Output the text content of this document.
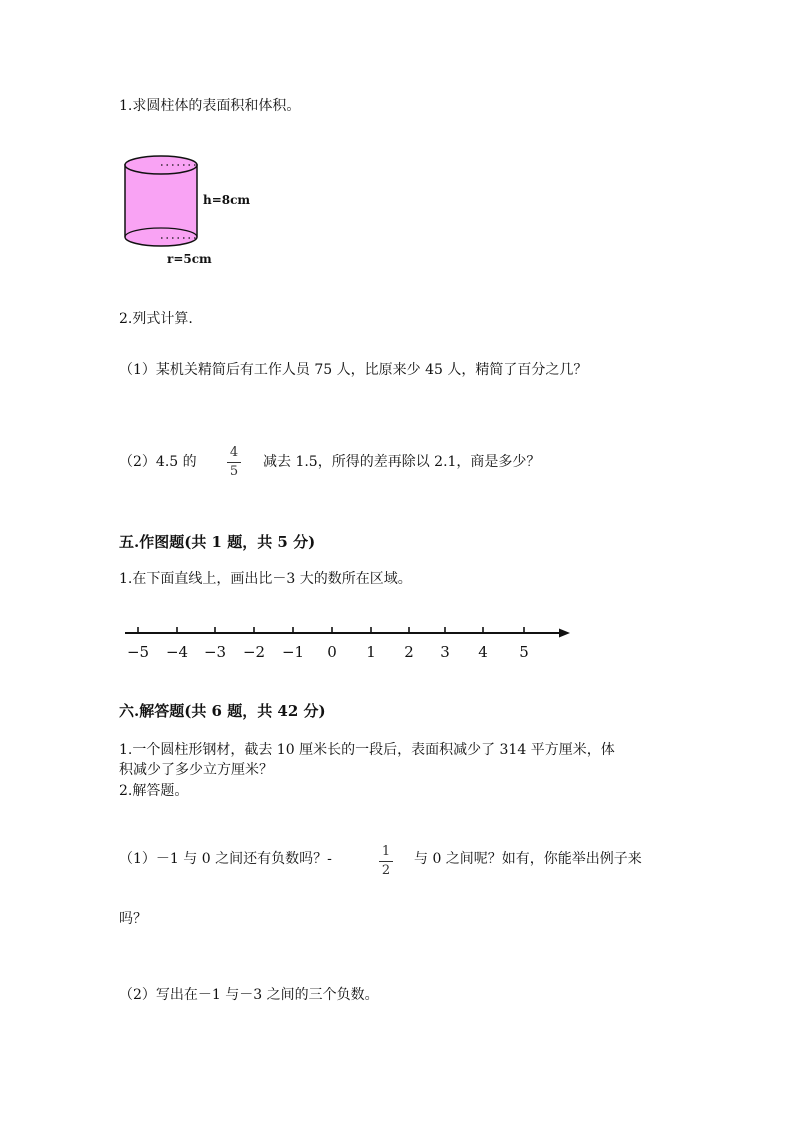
1.求圆柱体的表面积和体积。
h=8cm
r=5cm
2.列式计算.
（1）某机关精简后有工作人员 75 人，比原来少 45 人，精简了百分之几？
（2）4.5 的
4
5
减去 1.5，所得的差再除以 2.1，商是多少？
五.作图题(共 1 题，共 5 分)
1.在下面直线上，画出比－3 大的数所在区域。
−5 −4 −3 −2 −1 0 1 2 3 4 5
六.解答题(共 6 题，共 42 分)
1.一个圆柱形钢材，截去 10 厘米长的一段后，表面积减少了 314 平方厘米，体
积减少了多少立方厘米？
2.解答题。
（1）－1 与 0 之间还有负数吗？-	1
2
与 0 之间呢？如有，你能举出例子来
吗？
（2）写出在－1 与－3 之间的三个负数。
